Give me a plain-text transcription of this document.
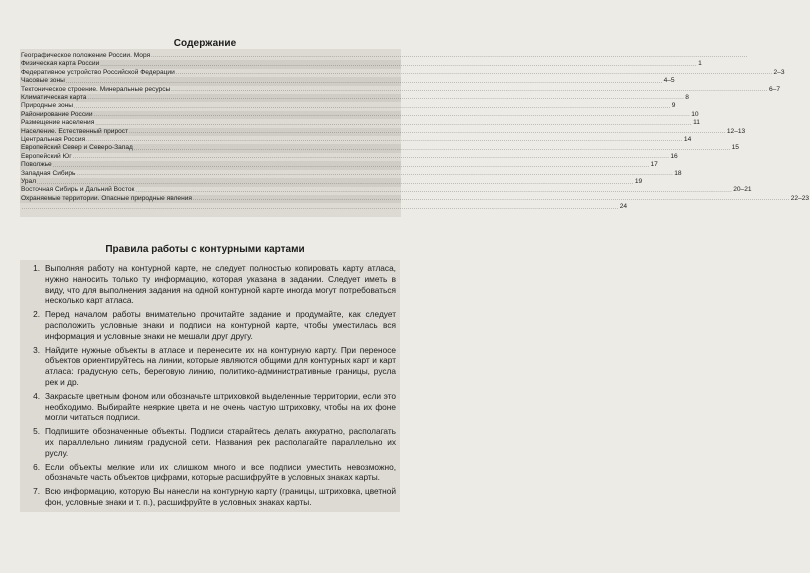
Содержание
Географическое положение России. Моря ............................................................................................................................................................................................................................................................................................................
Физическая карта России ............................................................................................................................................................................................................................................................................................................ 1
Федеративное устройство Российской Федерации ............................................................................................................................................................................................................................................................................................................ 2–3
Часовые зоны ............................................................................................................................................................................................................................................................................................................ 4–5
Тектоническое строение. Минеральные ресурсы ............................................................................................................................................................................................................................................................................................................ 6–7
Климатическая карта ............................................................................................................................................................................................................................................................................................................ 8
Природные зоны ............................................................................................................................................................................................................................................................................................................ 9
Районирование России ............................................................................................................................................................................................................................................................................................................ 10
Размещение населения ............................................................................................................................................................................................................................................................................................................ 11
Население. Естественный прирост ............................................................................................................................................................................................................................................................................................................ 12–13
Центральная Россия ............................................................................................................................................................................................................................................................................................................ 14
Европейский Север и Северо-Запад ............................................................................................................................................................................................................................................................................................................ 15
Европейский Юг ............................................................................................................................................................................................................................................................................................................ 16
Поволжье ............................................................................................................................................................................................................................................................................................................ 17
Западная Сибирь ............................................................................................................................................................................................................................................................................................................ 18
Урал ............................................................................................................................................................................................................................................................................................................ 19
Восточная Сибирь и Дальний Восток ............................................................................................................................................................................................................................................................................................................ 20–21
Охраняемые территории. Опасные природные явления ............................................................................................................................................................................................................................................................................................................ 22–23
............................................................................................................................................................................................................................................................................................................ 24
Правила работы с контурными картами
1. Выполняя работу на контурной карте, не следует полностью копировать карту атласа, нужно наносить только ту информацию, которая указана в задании. Следует иметь в виду, что для выполнения задания на одной контурной карте иногда могут потребоваться несколько карт атласа.
2. Перед началом работы внимательно прочитайте задание и продумайте, как следует расположить условные знаки и подписи на контурной карте, чтобы уместилась вся информация и условные знаки не мешали друг другу.
3. Найдите нужные объекты в атласе и перенесите их на контурную карту. При переносе объектов ориентируйтесь на линии, которые являются общими для контурных карт и карт атласа: градусную сеть, береговую линию, политико-административные границы, русла рек и др.
4. Закрасьте цветным фоном или обозначьте штриховкой выделенные территории, если это необходимо. Выбирайте неяркие цвета и не очень частую штриховку, чтобы на их фоне могли читаться подписи.
5. Подпишите обозначенные объекты. Подписи старайтесь делать аккуратно, располагать их параллельно линиям градусной сети. Названия рек располагайте параллельно их руслу.
6. Если объекты мелкие или их слишком много и все подписи уместить невозможно, обозначьте часть объектов цифрами, которые расшифруйте в условных знаках карты.
7. Всю информацию, которую Вы нанесли на контурную карту (границы, штриховка, цветной фон, условные знаки и т. п.), расшифруйте в условных знаках карты.
